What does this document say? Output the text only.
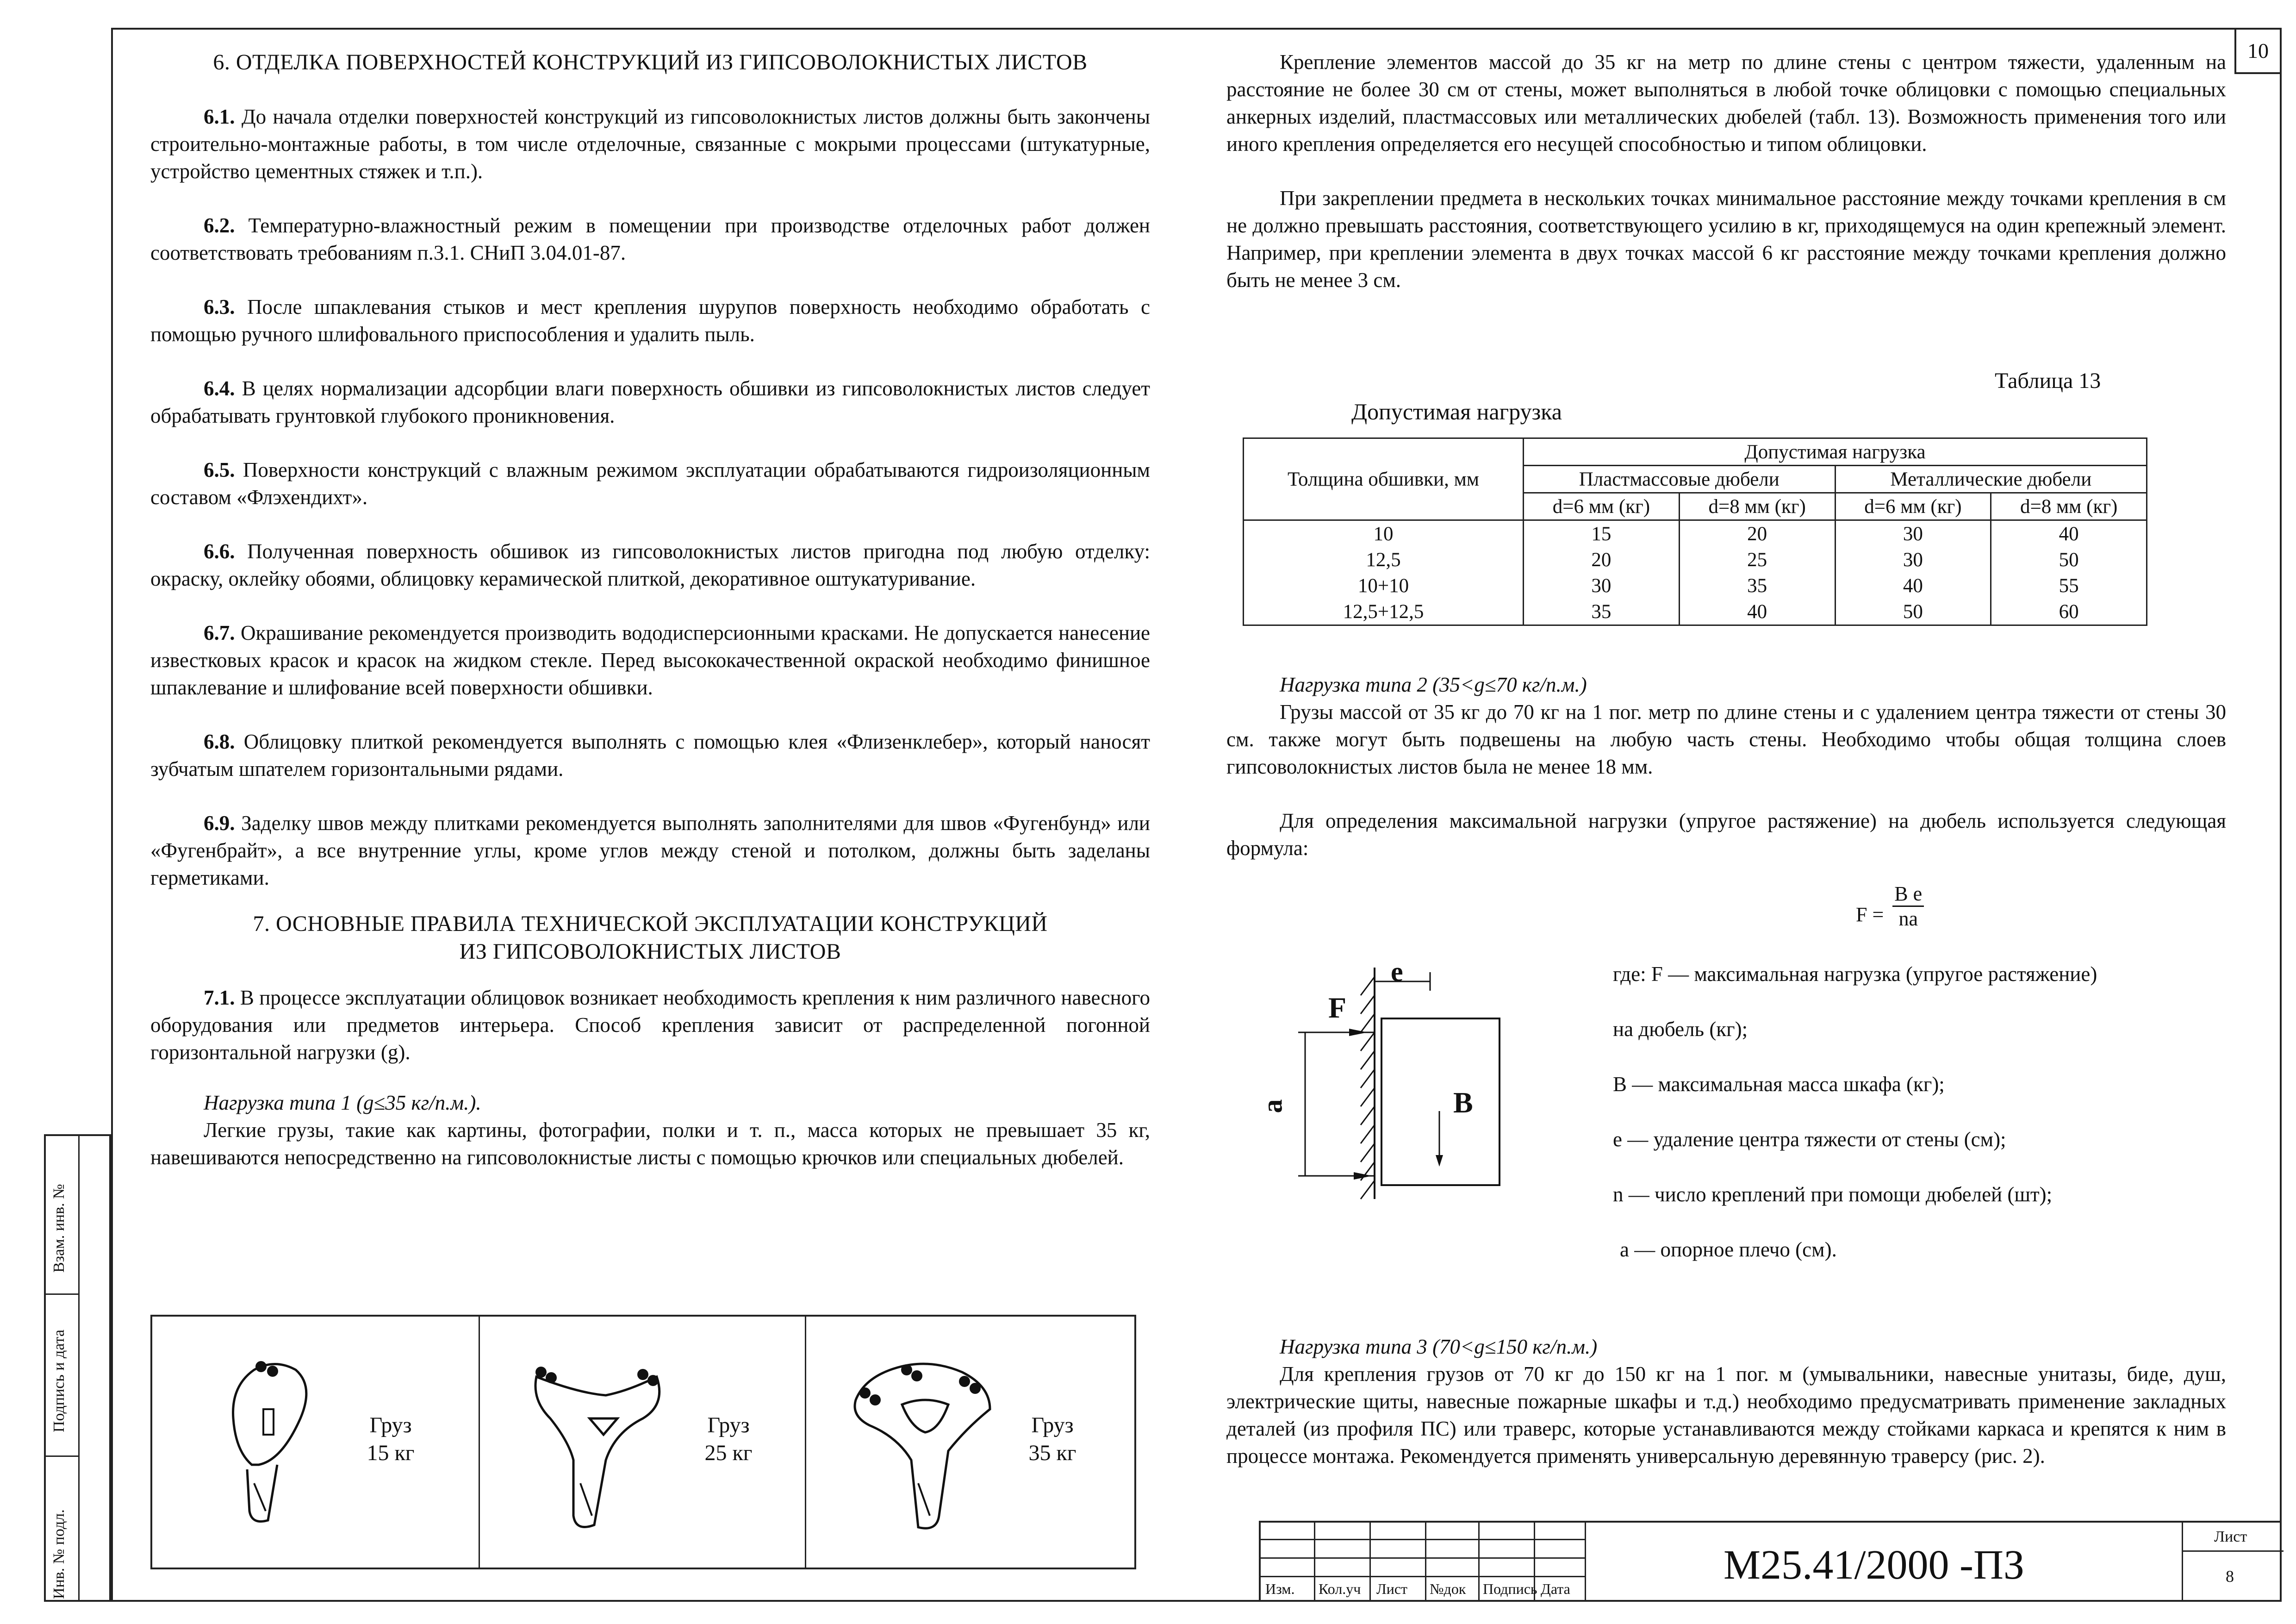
10
Инв. № подл.
Подпись и дата
Взам. инв. №

6. ОТДЕЛКА ПОВЕРХНОСТЕЙ КОНСТРУКЦИЙ ИЗ ГИПСОВОЛОКНИСТЫХ ЛИСТОВ

6.1. До начала отделки поверхностей конструкций из гипсоволокнистых листов должны быть закончены строительно-монтажные работы, в том числе отделочные, связанные с мокрыми процессами (штукатурные, устройство цементных стяжек и т.п.).

6.2. Температурно-влажностный режим в помещении при производстве отделочных работ должен соответствовать требованиям п.3.1. СНиП 3.04.01-87.

6.3. После шпаклевания стыков и мест крепления шурупов поверхность необходимо обработать с помощью ручного шлифовального приспособления и удалить пыль.

6.4. В целях нормализации адсорбции влаги поверхность обшивки из гипсоволокнистых листов следует обрабатывать грунтовкой глубокого проникновения.

6.5. Поверхности конструкций с влажным режимом эксплуатации обрабатываются гидроизоляционным составом «Флэхендихт».

6.6. Полученная поверхность обшивок из гипсоволокнистых листов пригодна под любую отделку: окраску, оклейку обоями, облицовку керамической плиткой, декоративное оштукатуривание.

6.7. Окрашивание рекомендуется производить вододисперсионными красками. Не допускается нанесение известковых красок и красок на жидком стекле. Перед высококачественной окраской необходимо финишное шпаклевание и шлифование всей поверхности обшивки.

6.8. Облицовку плиткой рекомендуется выполнять с помощью клея «Флизенклебер», который наносят зубчатым шпателем горизонтальными рядами.

6.9. Заделку швов между плитками рекомендуется выполнять заполнителями для швов «Фугенбунд» или «Фугенбрайт», а все внутренние углы, кроме углов между стеной и потолком, должны быть заделаны герметиками.

7. ОСНОВНЫЕ ПРАВИЛА ТЕХНИЧЕСКОЙ ЭКСПЛУАТАЦИИ КОНСТРУКЦИЙ

ИЗ ГИПСОВОЛОКНИСТЫХ ЛИСТОВ

7.1. В процессе эксплуатации облицовок возникает необходимость крепления к ним различного навесного оборудования или предметов интерьера. Способ крепления зависит от распределенной погонной горизонтальной нагрузки (g).

Нагрузка типа 1 (g≤35 кг/п.м.).

Легкие грузы, такие как картины, фотографии, полки и т. п., масса которых не превышает 35 кг, навешиваются непосредственно на гипсоволокнистые листы с помощью крючков или специальных дюбелей.

Груз
15 кг
Груз
25 кг
Груз
35 кг

Крепление элементов массой до 35 кг на метр по длине стены с центром тяжести, удаленным на расстояние не более 30 см от стены, может выполняться в любой точке облицовки с помощью специальных анкерных изделий, пластмассовых или металлических дюбелей (табл. 13). Возможность применения того или иного крепления определяется его несущей способностью и типом облицовки.

При закреплении предмета в нескольких точках минимальное расстояние между точками крепления в см не должно превышать расстояния, соответствующего усилию в кг, приходящемуся на один крепежный элемент. Например, при креплении элемента в двух точках массой 6 кг расстояние между точками крепления должно быть не менее 3 см.

Таблица 13
Допустимая нагрузка
Толщина обшивки, мм	Допустимая нагрузка			
	Пластмассовые дюбели		Металлические дюбели	
	d=6 мм (кг)	d=8 мм (кг)	d=6 мм (кг)	d=8 мм (кг)
10	15	20	30	40
12,5	20	25	30	50
10+10	30	35	40	55
12,5+12,5	35	40	50	60

Нагрузка типа 2 (35<g≤70 кг/п.м.)

Грузы массой от 35 кг до 70 кг на 1 пог. метр по длине стены и с удалением центра тяжести от стены 30 см. также могут быть подвешены на любую часть стены. Необходимо чтобы общая толщина слоев гипсоволокнистых листов была не менее 18 мм.

Для определения максимальной нагрузки (упругое растяжение) на дюбель используется следующая формула:

$F = \frac{\text{B e}}{na}$
e
F
a	B
где: F — максимальная нагрузка (упругое растяжение)
на дюбель (кг);
В — максимальная масса шкафа (кг);
е — удаление центра тяжести от стены (см);
n — число креплений при помощи дюбелей (шт);
а — опорное плечо (см).

Нагрузка типа 3 (70<g≤150 кг/п.м.)

Для крепления грузов от 70 кг до 150 кг на 1 пог. м (умывальники, навесные унитазы, биде, душ, электрические щиты, навесные пожарные шкафы и т.д.) необходимо предусматривать применение закладных деталей (из профиля ПС) или траверс, которые устанавливаются между стойками каркаса и крепятся к ним в процессе монтажа. Рекомендуется применять универсальную деревянную траверсу (рис. 2).

Изм. Кол.уч Лист №док Подпись Дата
М25.41/2000 -ПЗ
Лист
8
